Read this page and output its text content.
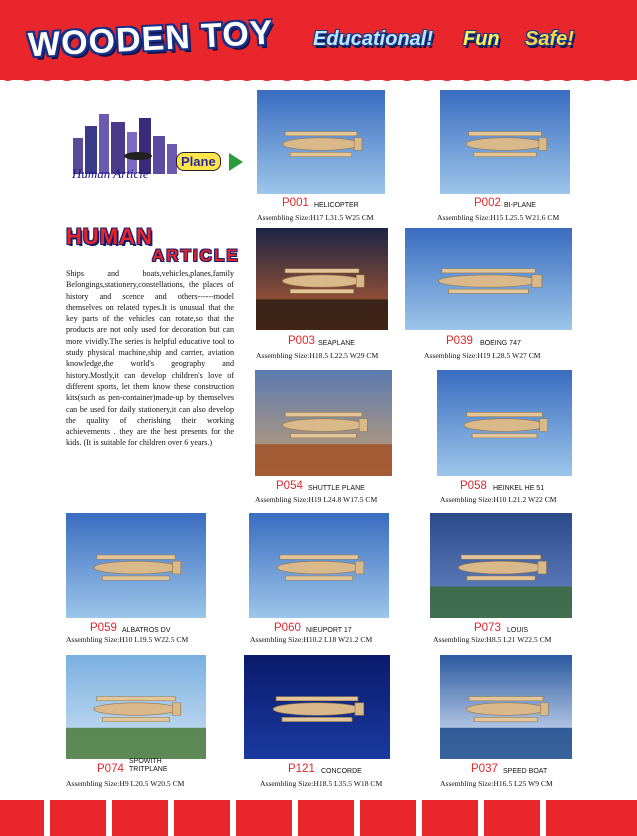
WOODEN TOY Educational! Fun Safe!
Human Article
Plane
HUMAN
ARTICLE
Ships and boats,vehicles,planes,family Belongings,stationery,constellations, the places of history and scence and others------model themselves on related types.It is unusual that the key parts of the vehicles can rotate,so that the products are not only used for decoration but can more vividly.The series is helpful educative tool to study physical machine,ship and carrier, aviation knowledge,the world's geography and history.Mostly,it can develop children's love of different sports, let them know these construction kits(such as pen-container)made-up by themselves can be used for daily stationery,it can also develop the quality of cherishing their working achievements . they are the best presents for the kids. (It is suitable for children over 6 years.)
P001 HELICOPTER
Assembling Size:H17 L31.5 W25 CM
P002 BI-PLANE
Assembling Size:H15 L25.5 W21.6 CM
P003 SEAPLANE
Assembling Size:H18.5 L22.5 W29 CM
P039 BOEING 747
Assembling Size:H19 L28.5 W27 CM
P054 SHUTTLE PLANE
Assembling Size:H19 L24.8 W17.5 CM
P058 HEINKEL HE 51
Assembling Size:H10 L21.2 W22 CM
P059 ALBATROS DV
Assembling Size:H10 L19.5 W22.5 CM
P060 NIEUPORT 17
Assembling Size:H10.2 L18 W21.2 CM
P073 LOUIS
Assembling Size:H8.5 L21 W22.5 CM
P074
SPOWITH
TRITPLANE
Assembling Size:H9 L20.5 W20.5 CM
P121 CONCORDE
Assembling Size:H18.5 L35.5 W18 CM
P037 SPEED BOAT
Assembling Size:H16.5 L25 W9 CM
